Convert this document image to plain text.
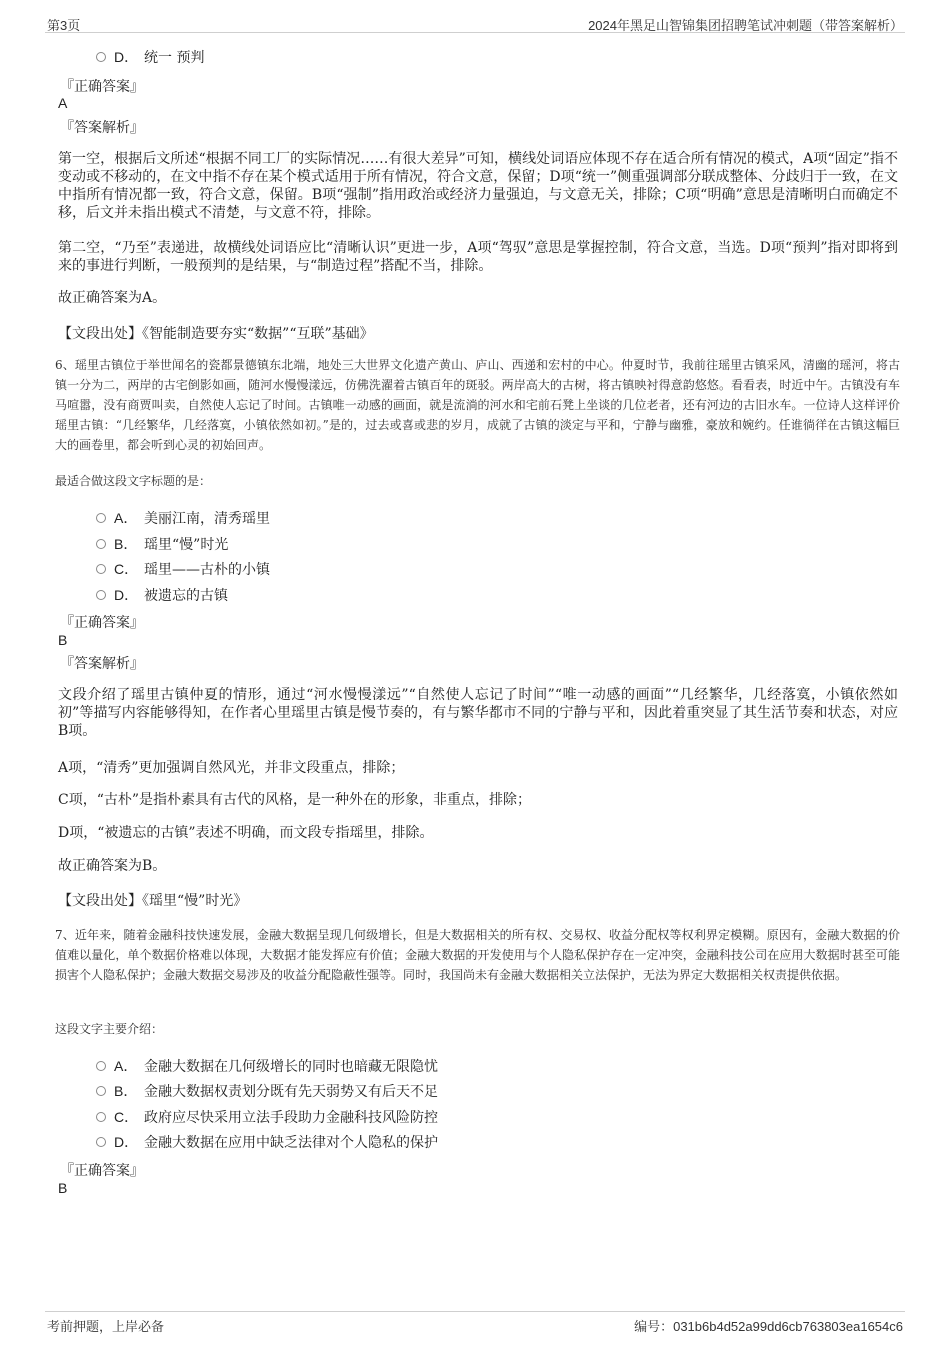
第3页	2024年黑足山智锦集团招聘笔试冲刺题（带答案解析）
D． 统一 预判
『正确答案』
A
『答案解析』
第一空，根据后文所述“根据不同工厂的实际情况……有很大差异”可知，横线处词语应体现不存在适合所有情况的模式，A项“固定”指不变动或不移动的，在文中指不存在某个模式适用于所有情况，符合文意，保留；D项“统一”侧重强调部分联成整体、分歧归于一致，在文中指所有情况都一致，符合文意，保留。B项“强制”指用政治或经济力量强迫，与文意无关，排除；C项“明确”意思是清晰明白而确定不移，后文并未指出模式不清楚，与文意不符，排除。
第二空，“乃至”表递进，故横线处词语应比“清晰认识”更进一步，A项“驾驭”意思是掌握控制，符合文意，当选。D项“预判”指对即将到来的事进行判断，一般预判的是结果，与“制造过程”搭配不当，排除。
故正确答案为A。
【文段出处】《智能制造要夯实“数据”“互联”基础》
6、瑶里古镇位于举世闻名的瓷都景德镇东北端，地处三大世界文化遗产黄山、庐山、西递和宏村的中心。仲夏时节，我前往瑶里古镇采风，清幽的瑶河，将古镇一分为二，两岸的古宅倒影如画，随河水慢慢漾远，仿佛洗濯着古镇百年的斑驳。两岸高大的古树，将古镇映衬得意韵悠悠。看看表，时近中午。古镇没有车马喧嚣，没有商贾叫卖，自然使人忘记了时间。古镇唯一动感的画面，就是流淌的河水和宅前石凳上坐谈的几位老者，还有河边的古旧水车。一位诗人这样评价瑶里古镇：“几经繁华，几经落寞，小镇依然如初。”是的，过去或喜或悲的岁月，成就了古镇的淡定与平和，宁静与幽雅，豪放和婉约。任谁徜徉在古镇这幅巨大的画卷里，都会听到心灵的初始回声。
最适合做这段文字标题的是：
A． 美丽江南，清秀瑶里
B． 瑶里“慢”时光
C． 瑶里——古朴的小镇
D． 被遗忘的古镇
『正确答案』
B
『答案解析』
文段介绍了瑶里古镇仲夏的情形，通过“河水慢慢漾远”“自然使人忘记了时间”“唯一动感的画面”“几经繁华，几经落寞，小镇依然如初”等描写内容能够得知，在作者心里瑶里古镇是慢节奏的，有与繁华都市不同的宁静与平和，因此着重突显了其生活节奏和状态，对应B项。
A项，“清秀”更加强调自然风光，并非文段重点，排除；
C项，“古朴”是指朴素具有古代的风格，是一种外在的形象，非重点，排除；
D项，“被遗忘的古镇”表述不明确，而文段专指瑶里，排除。
故正确答案为B。
【文段出处】《瑶里“慢”时光》
7、近年来，随着金融科技快速发展，金融大数据呈现几何级增长，但是大数据相关的所有权、交易权、收益分配权等权利界定模糊。原因有，金融大数据的价值难以量化，单个数据价格难以体现，大数据才能发挥应有价值；金融大数据的开发使用与个人隐私保护存在一定冲突，金融科技公司在应用大数据时甚至可能损害个人隐私保护；金融大数据交易涉及的收益分配隐蔽性强等。同时，我国尚未有金融大数据相关立法保护，无法为界定大数据相关权责提供依据。
这段文字主要介绍：
A． 金融大数据在几何级增长的同时也暗藏无限隐忧
B． 金融大数据权责划分既有先天弱势又有后天不足
C． 政府应尽快采用立法手段助力金融科技风险防控
D． 金融大数据在应用中缺乏法律对个人隐私的保护
『正确答案』
B
考前押题，上岸必备	编号：031b6b4d52a99dd6cb763803ea1654c6
